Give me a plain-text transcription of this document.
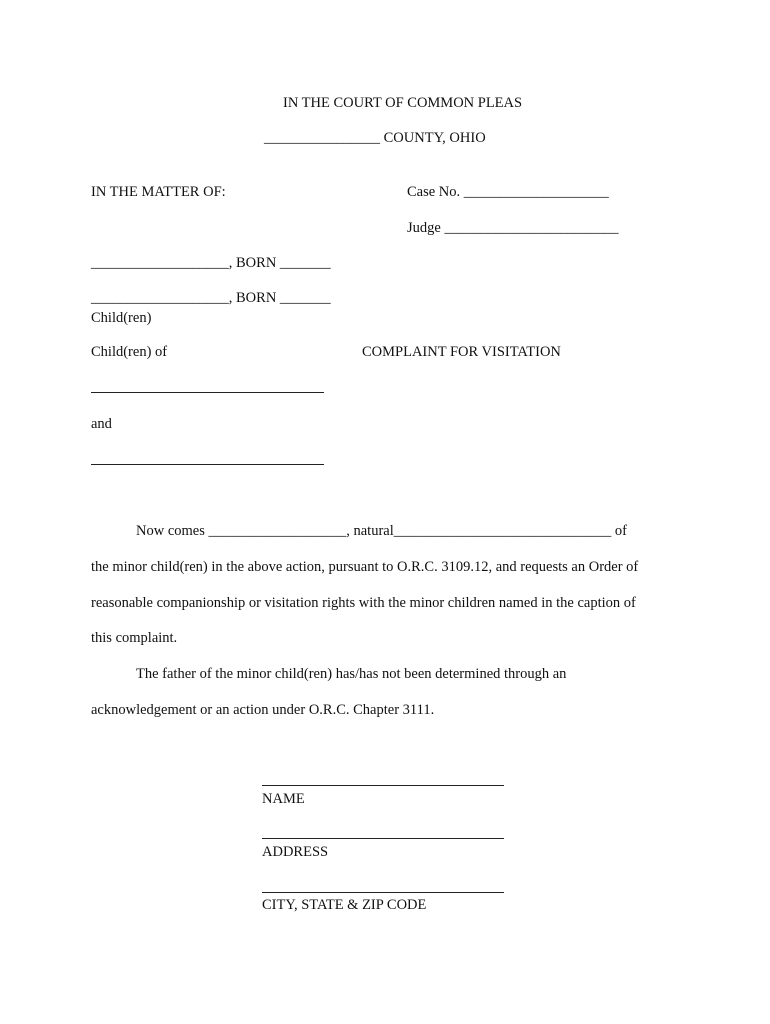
IN THE COURT OF COMMON PLEAS
________________ COUNTY, OHIO
IN THE MATTER OF:	Case No. ____________________
Judge ________________________
___________________, BORN _______
___________________, BORN _______
Child(ren)
Child(ren) of	COMPLAINT FOR VISITATION
and
Now comes ___________________, natural______________________________ of
the minor child(ren) in the above action, pursuant to O.R.C. 3109.12, and requests an Order of
reasonable companionship or visitation rights with the minor children named in the caption of
this complaint.
The father of the minor child(ren) has/has not been determined through an
acknowledgement or an action under O.R.C. Chapter 3111.
NAME
ADDRESS
CITY, STATE & ZIP CODE
